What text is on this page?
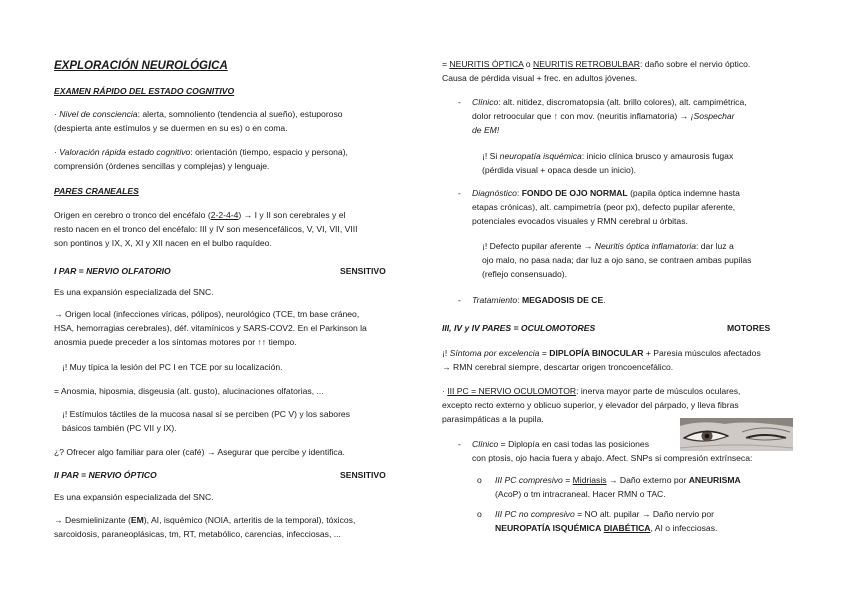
EXPLORACIÓN NEUROLÓGICA
EXAMEN RÁPIDO DEL ESTADO COGNITIVO
· Nivel de consciencia: alerta, somnoliento (tendencia al sueño), estuporoso
(despierta ante estímulos y se duermen en su es) o en coma.
· Valoración rápida estado cognitivo: orientación (tiempo, espacio y persona),
comprensión (órdenes sencillas y complejas) y lenguaje.
PARES CRANEALES
Origen en cerebro o tronco del encéfalo (2-2-4-4) → I y II son cerebrales y el
resto nacen en el tronco del encéfalo: III y IV son mesencefálicos, V, VI, VII, VIII
son pontinos y IX, X, XI y XII nacen en el bulbo raquídeo.
I PAR = NERVIO OLFATORIO	SENSITIVO
Es una expansión especializada del SNC.
→ Origen local (infecciones víricas, pólipos), neurológico (TCE, tm base cráneo,
HSA, hemorragias cerebrales), déf. vitamínicos y SARS-COV2. En el Parkinson la
anosmia puede preceder a los síntomas motores por ↑↑ tiempo.
¡! Muy típica la lesión del PC I en TCE por su localización.
= Anosmia, hiposmia, disgeusia (alt. gusto), alucinaciones olfatorias, ...
¡! Estímulos táctiles de la mucosa nasal sí se perciben (PC V) y los sabores
básicos también (PC VII y IX).
¿? Ofrecer algo familiar para oler (café) → Asegurar que percibe y identifica.
II PAR = NERVIO ÓPTICO	SENSITIVO
Es una expansión especializada del SNC.
→ Desmielinizante (EM), AI, isquémico (NOIA, arteritis de la temporal), tóxicos,
sarcoidosis, paraneoplásicas, tm, RT, metabólico, carencias, infecciosas, ...
= NEURITIS ÓPTICA o NEURITIS RETROBULBAR: daño sobre el nervio óptico.
Causa de pérdida visual + frec. en adultos jóvenes.
- Clínico: alt. nitidez, discromatopsia (alt. brillo colores), alt. campimétrica,
dolor retroocular que ↑ con mov. (neuritis inflamatoria) → ¡Sospechar
de EM!
¡! Si neuropatía isquémica: inicio clínica brusco y amaurosis fugax
(pérdida visual + opaca desde un inicio).
- Diagnóstico: FONDO DE OJO NORMAL (papila óptica indemne hasta
etapas crónicas), alt. campimetría (peor px), defecto pupilar aferente,
potenciales evocados visuales y RMN cerebral u órbitas.
¡! Defecto pupilar aferente → Neuritis óptica inflamatoria: dar luz a
ojo malo, no pasa nada; dar luz a ojo sano, se contraen ambas pupilas
(reflejo consensuado).
- Tratamiento: MEGADOSIS DE CE.
III, IV y IV PARES = OCULOMOTORES	MOTORES
¡! Síntoma por excelencia = DIPLOPÍA BINOCULAR + Paresia músculos afectados
→ RMN cerebral siempre, descartar origen troncoencefálico.
· III PC = NERVIO OCULOMOTOR: inerva mayor parte de músculos oculares,
excepto recto externo y oblicuo superior, y elevador del párpado, y lleva fibras
parasimpáticas a la pupila.
- Clínico = Diplopía en casi todas las posiciones
con ptosis, ojo hacia fuera y abajo. Afect. SNPs si compresión extrínseca:
o III PC compresivo = Midriasis → Daño externo por ANEURISMA
(AcoP) o tm intracraneal. Hacer RMN o TAC.
o III PC no compresivo = NO alt. pupilar → Daño nervio por
NEUROPATÍA ISQUÉMICA DIABÉTICA, AI o infecciosas.
